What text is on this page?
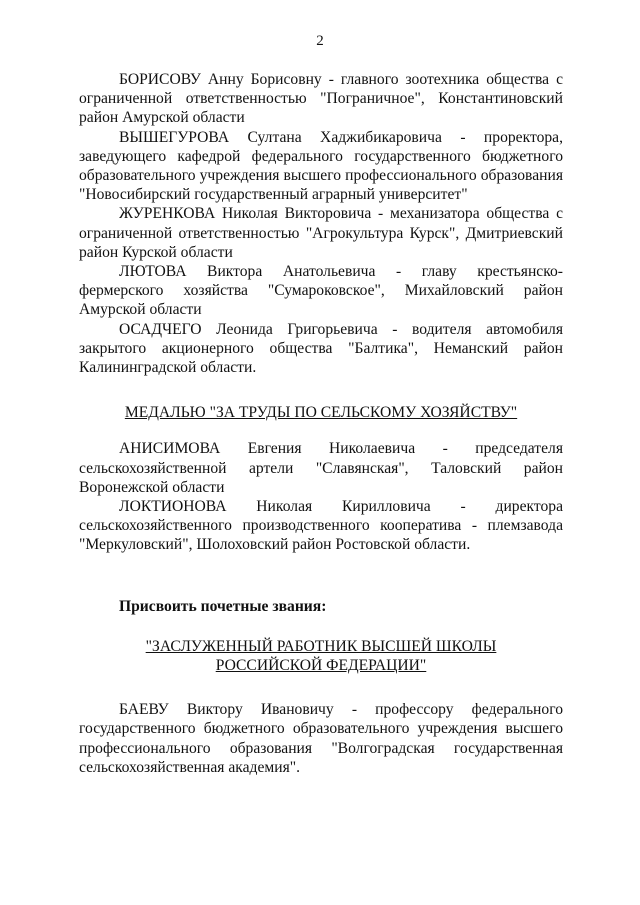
2

БОРИСОВУ Анну Борисовну - главного зоотехника общества с ограниченной ответственностью "Пограничное", Константиновский район Амурской области

ВЫШЕГУРОВА Султана Хаджибикаровича - проректора, заведующего кафедрой федерального государственного бюджетного образовательного учреждения высшего профессионального образования "Новосибирский государственный аграрный университет"

ЖУРЕНКОВА Николая Викторовича - механизатора общества с ограниченной ответственностью "Агрокультура Курск", Дмитриевский район Курской области

ЛЮТОВА Виктора Анатольевича - главу крестьянско-фермерского хозяйства "Сумароковское", Михайловский район Амурской области

ОСАДЧЕГО Леонида Григорьевича - водителя автомобиля закрытого акционерного общества "Балтика", Неманский район Калининградской области.

МЕДАЛЬЮ "ЗА ТРУДЫ ПО СЕЛЬСКОМУ ХОЗЯЙСТВУ"

АНИСИМОВА Евгения Николаевича - председателя сельскохозяйственной артели "Славянская", Таловский район Воронежской области

ЛОКТИОНОВА Николая Кирилловича - директора сельскохозяйственного производственного кооператива - племзавода "Меркуловский", Шолоховский район Ростовской области.

Присвоить почетные звания:

"ЗАСЛУЖЕННЫЙ РАБОТНИК ВЫСШЕЙ ШКОЛЫ

РОССИЙСКОЙ ФЕДЕРАЦИИ"

БАЕВУ Виктору Ивановичу - профессору федерального государственного бюджетного образовательного учреждения высшего профессионального образования "Волгоградская государственная сельскохозяйственная академия".
